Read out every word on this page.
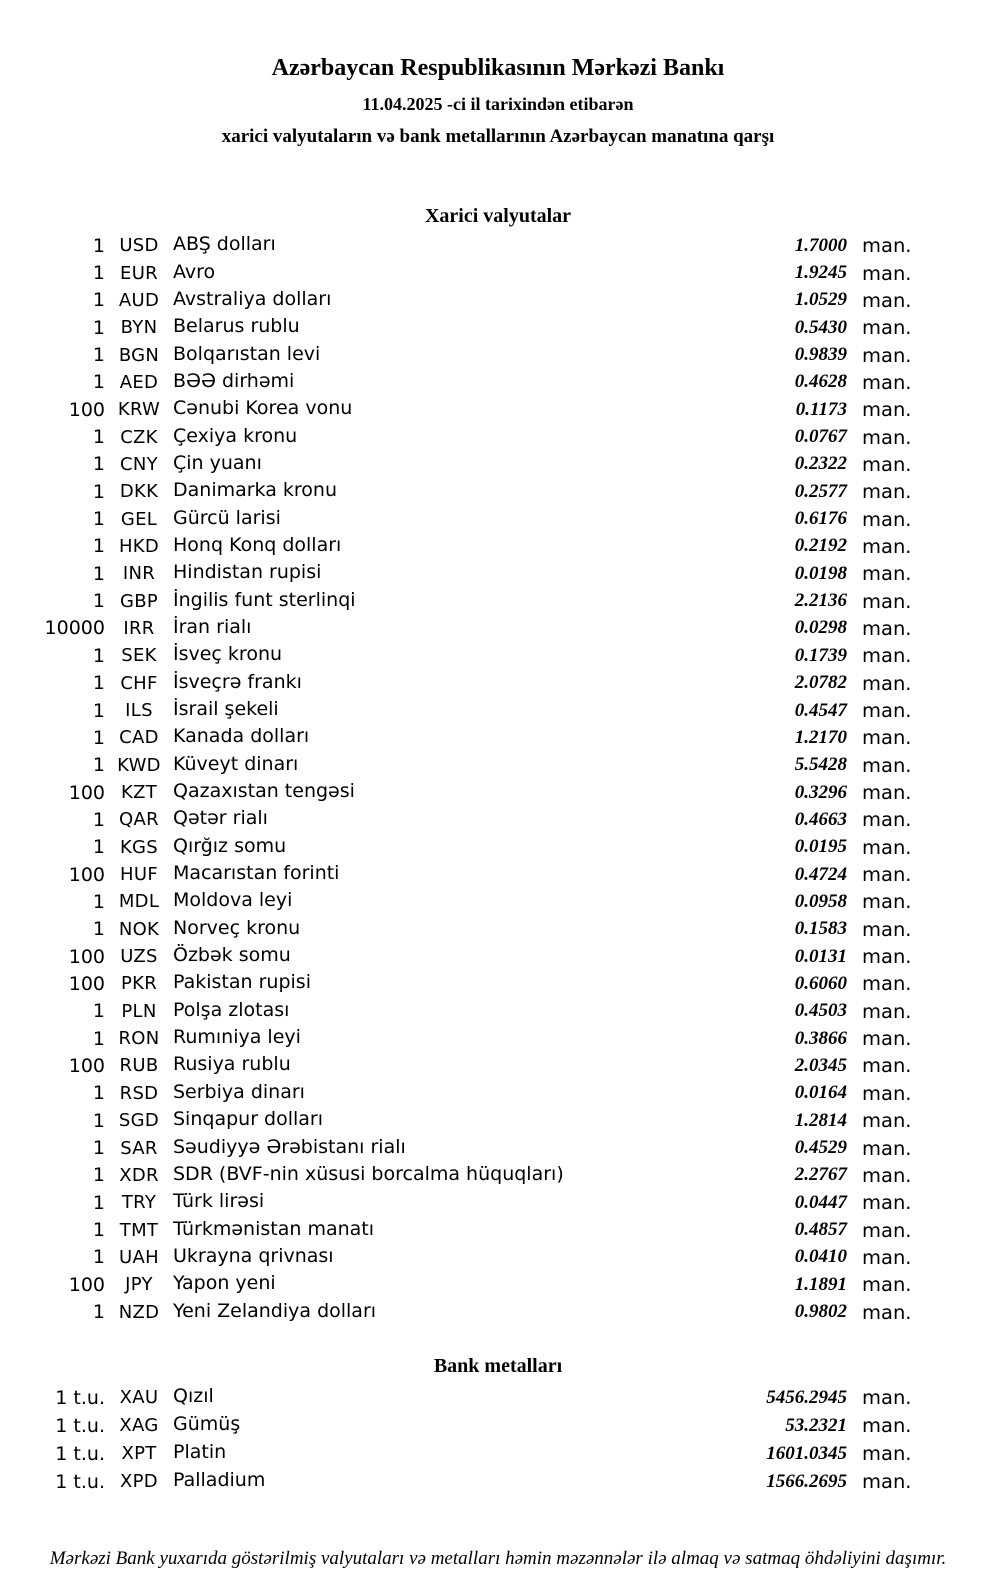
Azərbaycan Respublikasının Mərkəzi Bankı
11.04.2025 -ci il tarixindən etibarən
xarici valyutaların və bank metallarının Azərbaycan manatına qarşı
Xarici valyutalar
1 USD ABŞ dolları	1.7000 man.
1 EUR Avro	1.9245 man.
1 AUD Avstraliya dolları	1.0529 man.
1 BYN Belarus rublu	0.5430 man.
1 BGN Bolqarıstan levi	0.9839 man.
1 AED BƏƏ dirhəmi	0.4628 man.
100 KRW Cənubi Korea vonu	0.1173 man.
1 CZK Çexiya kronu	0.0767 man.
1 CNY Çin yuanı	0.2322 man.
1 DKK Danimarka kronu	0.2577 man.
1 GEL Gürcü larisi	0.6176 man.
1 HKD Honq Konq dolları	0.2192 man.
1 INR Hindistan rupisi	0.0198 man.
1 GBP İngilis funt sterlinqi	2.2136 man.
10000	IRR İran rialı	0.0298 man.
1 SEK İsveç kronu	0.1739 man.
1 CHF İsveçrə frankı	2.0782 man.
1	ILS	İsrail şekeli	0.4547 man.
1 CAD Kanada dolları	1.2170 man.
1 KWD Küveyt dinarı	5.5428 man.
100 KZT Qazaxıstan tengəsi	0.3296 man.
1 QAR Qətər rialı	0.4663 man.
1 KGS Qırğız somu	0.0195 man.
100 HUF Macarıstan forinti	0.4724 man.
1 MDL Moldova leyi	0.0958 man.
1 NOK Norveç kronu	0.1583 man.
100 UZS Özbək somu	0.0131 man.
100 PKR Pakistan rupisi	0.6060 man.
1 PLN Polşa zlotası	0.4503 man.
1 RON Rumıniya leyi	0.3866 man.
100 RUB Rusiya rublu	2.0345 man.
1 RSD Serbiya dinarı	0.0164 man.
1 SGD Sinqapur dolları	1.2814 man.
1 SAR Səudiyyə Ərəbistanı rialı	0.4529 man.
1 XDR SDR (BVF-nin xüsusi borcalma hüquqları)	2.2767 man.
1 TRY Türk lirəsi	0.0447 man.
1 TMT Türkmənistan manatı	0.4857 man.
1 UAH Ukrayna qrivnası	0.0410 man.
100	JPY	Yapon yeni	1.1891 man.
1 NZD Yeni Zelandiya dolları	0.9802 man.
Bank metalları
1 t.u. XAU Qızıl	5456.2945 man.
1 t.u. XAG Gümüş	53.2321 man.
1 t.u. XPT Platin	1601.0345 man.
1 t.u. XPD Palladium	1566.2695 man.
Mərkəzi Bank yuxarıda göstərilmiş valyutaları və metalları həmin məzənnələr ilə almaq və satmaq öhdəliyini daşımır.
